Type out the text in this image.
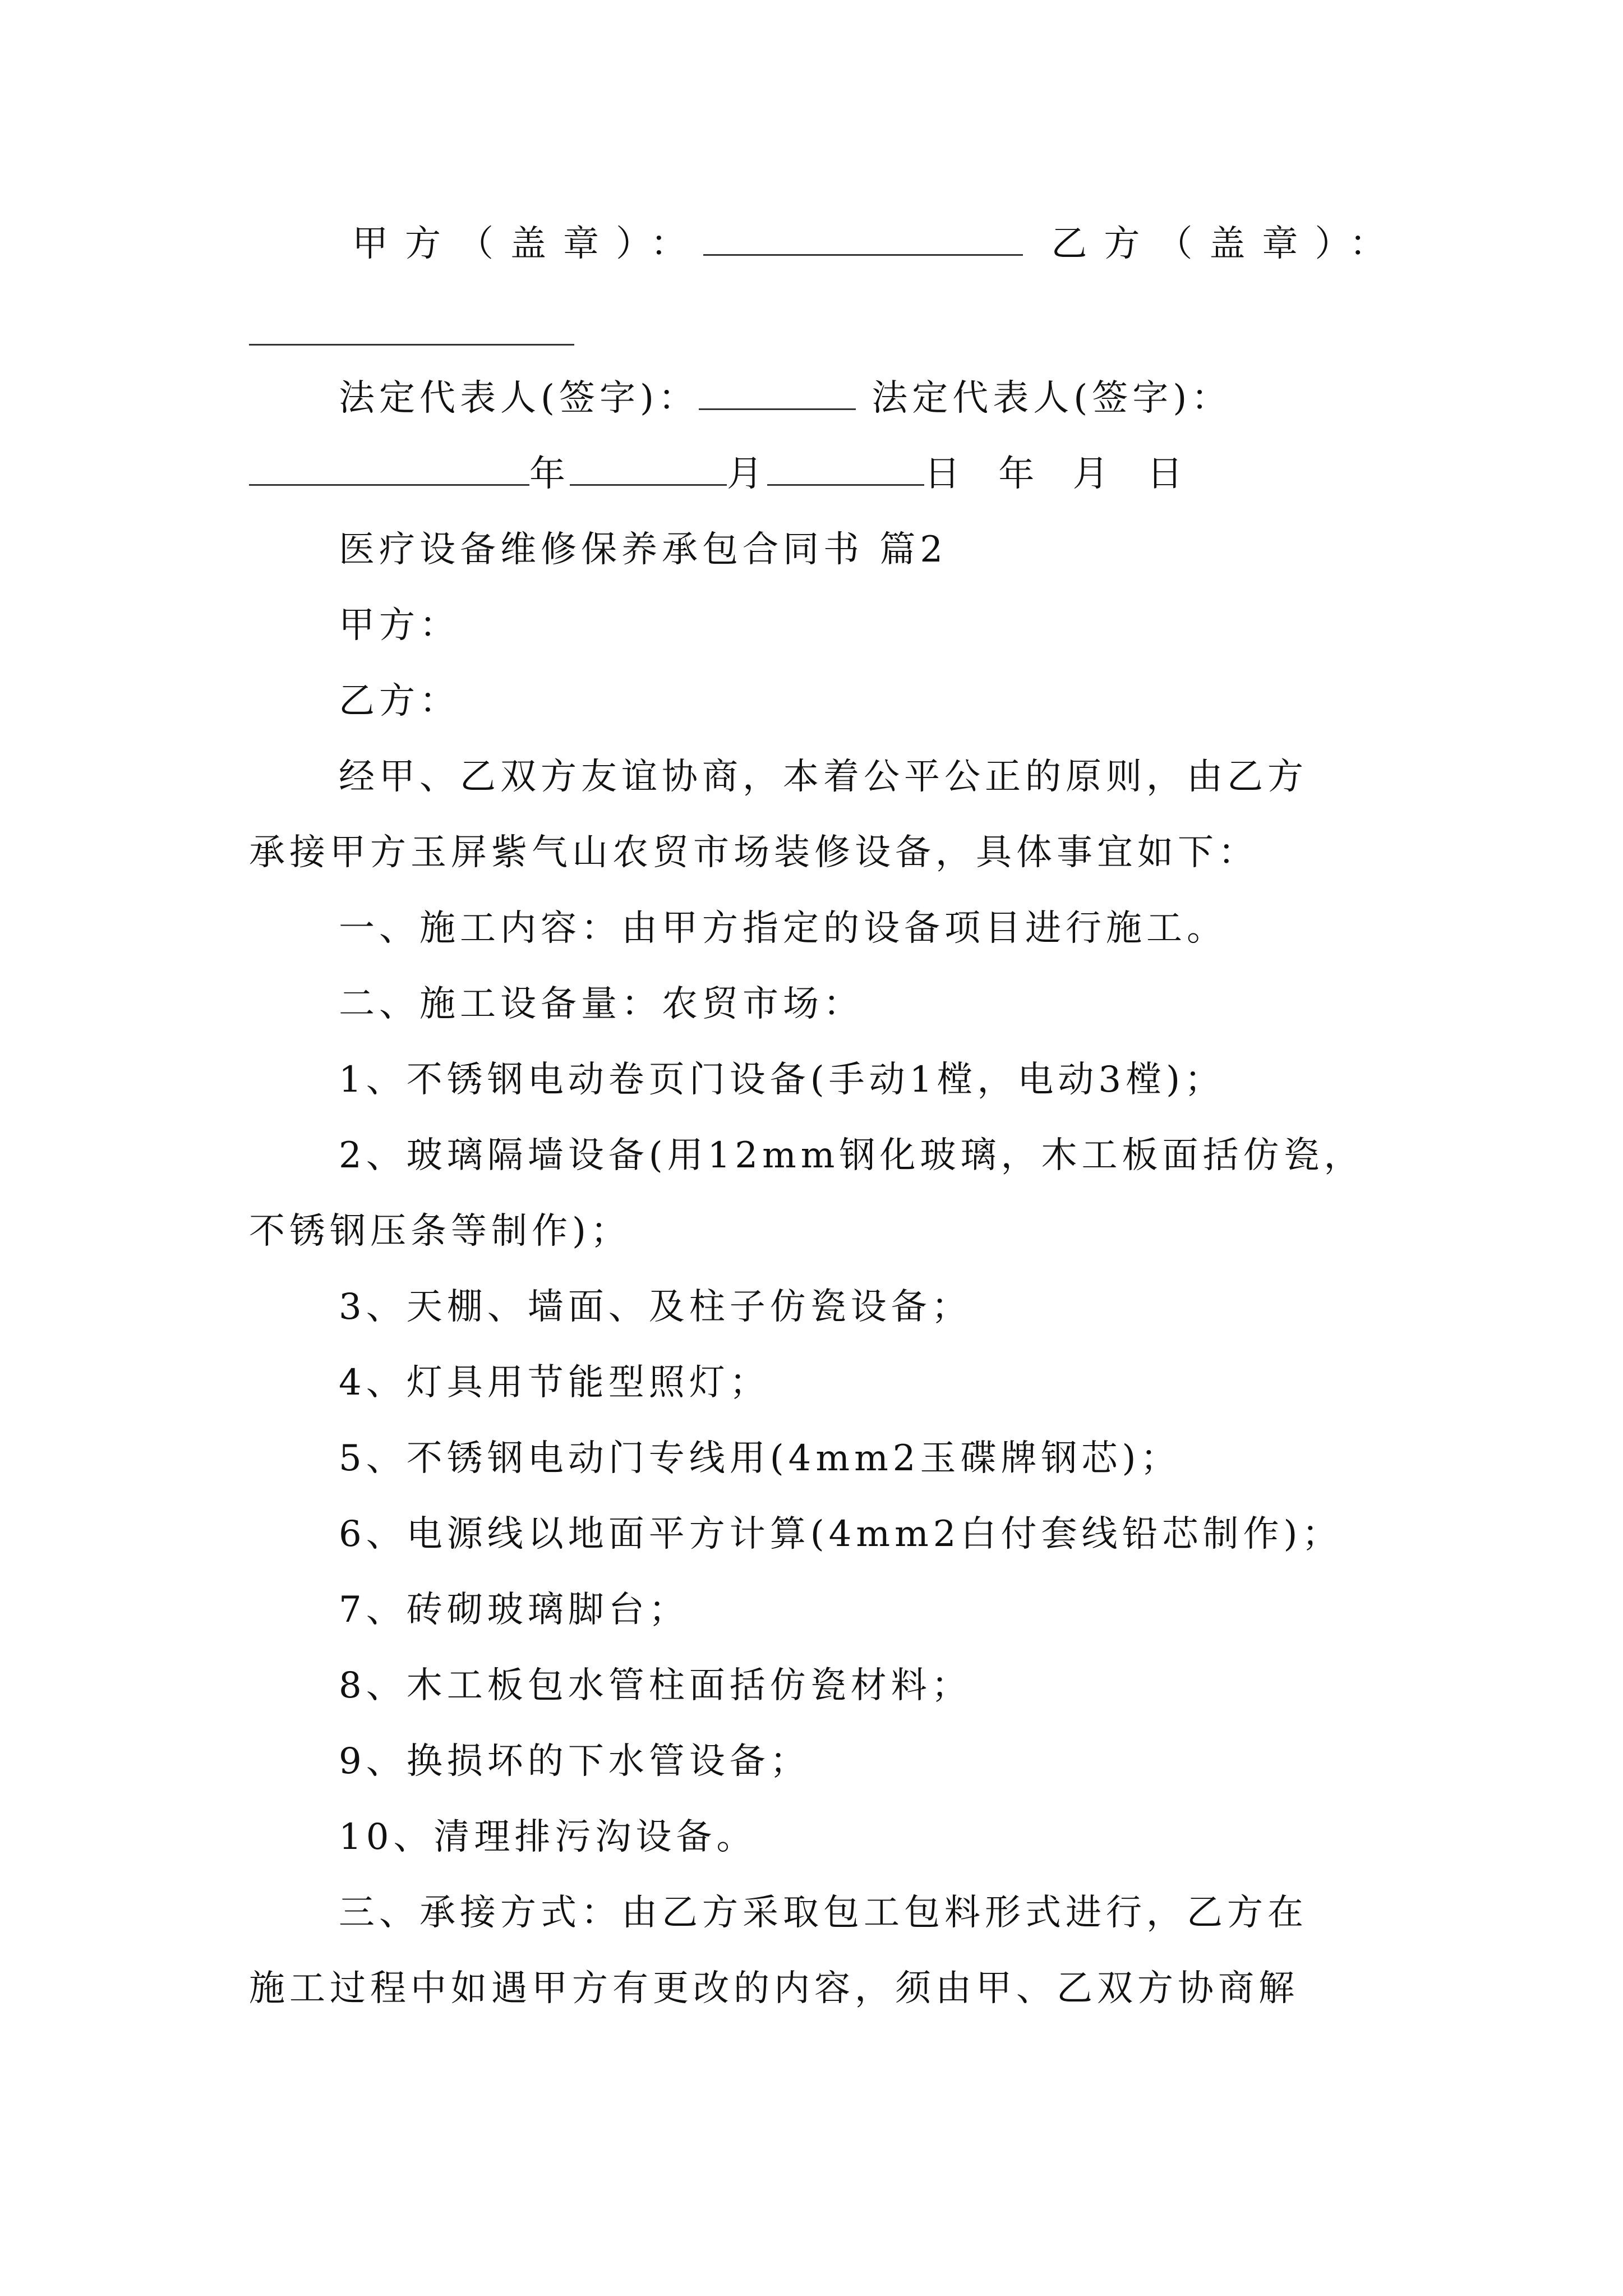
甲方（盖章）：	乙方（盖章）：
法定代表人(签字)：	法定代表人(签字)：
年	月	日 年 月 日
医疗设备维修保养承包合同书 篇2
甲方：
乙方：
经甲、乙双方友谊协商，本着公平公正的原则，由乙方
承接甲方玉屏紫气山农贸市场装修设备，具体事宜如下：
一、施工内容：由甲方指定的设备项目进行施工。
二、施工设备量：农贸市场：
1、不锈钢电动卷页门设备(手动1樘，电动3樘)；
2、玻璃隔墙设备(用12mm钢化玻璃，木工板面括仿瓷，
不锈钢压条等制作)；
3、天棚、墙面、及柱子仿瓷设备；
4、灯具用节能型照灯；
5、不锈钢电动门专线用(4mm2玉碟牌钢芯)；
6、电源线以地面平方计算(4mm2白付套线铅芯制作)；
7、砖砌玻璃脚台；
8、木工板包水管柱面括仿瓷材料；
9、换损坏的下水管设备；
10、清理排污沟设备。
三、承接方式：由乙方采取包工包料形式进行，乙方在
施工过程中如遇甲方有更改的内容，须由甲、乙双方协商解
